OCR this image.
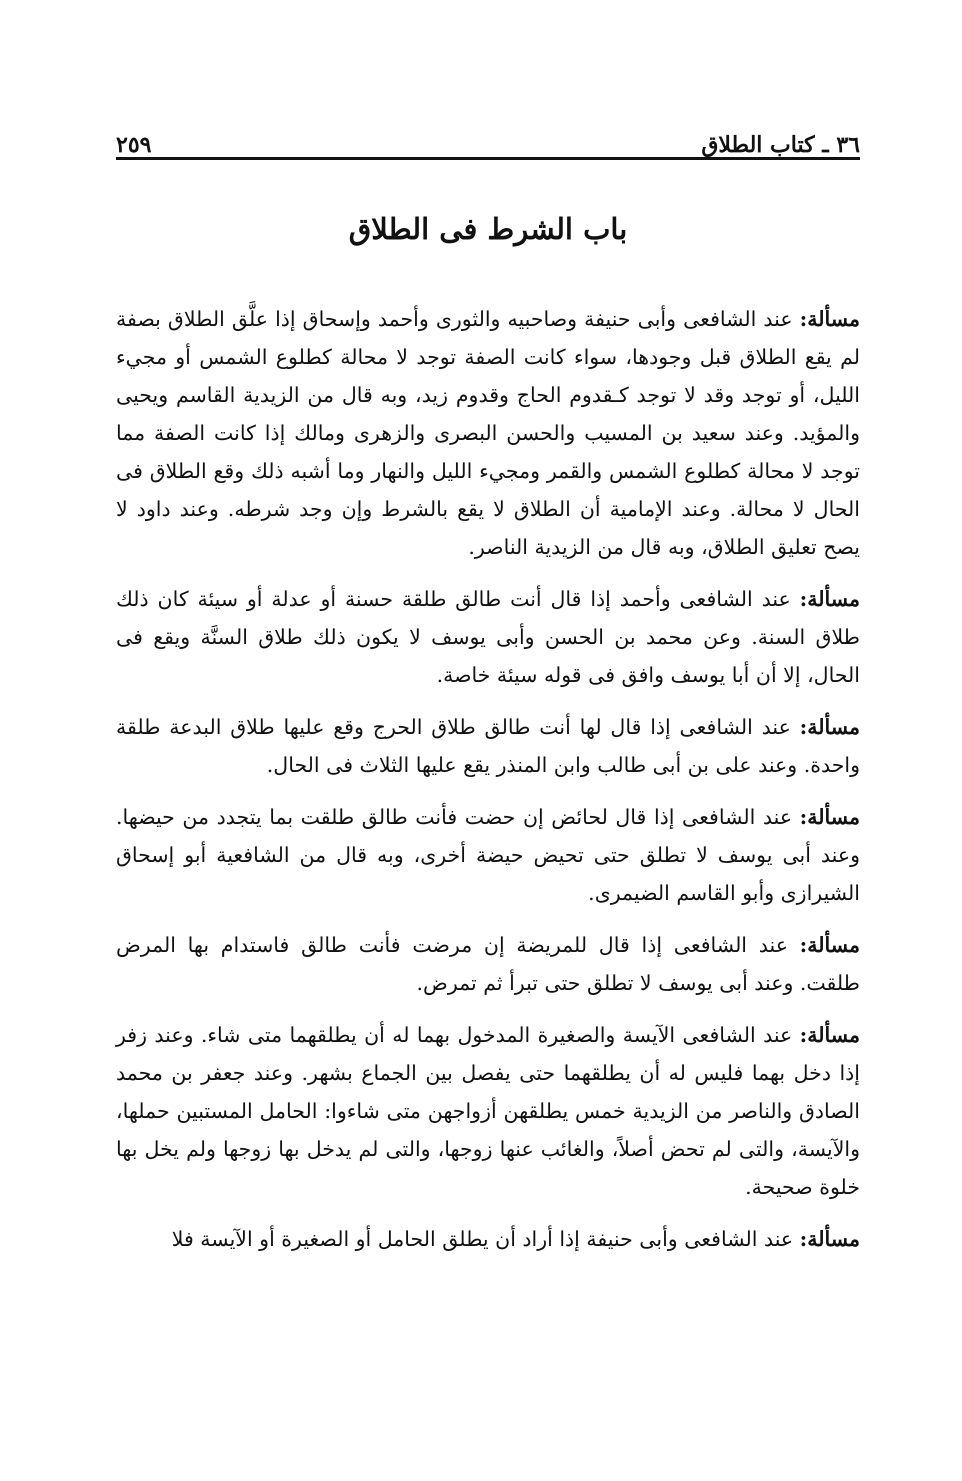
٣٦ ـ كتاب الطلاق
٢٥٩
باب الشرط فى الطلاق

مسألة: عند الشافعى وأبى حنيفة وصاحبيه والثورى وأحمد وإسحاق إذا علَّق الطلاق بصفة لم يقع الطلاق قبل وجودها، سواء كانت الصفة توجد لا محالة كطلوع الشمس أو مجيء الليل، أو توجد وقد لا توجد كـقدوم الحاج وقدوم زيد، وبه قال من الزيدية القاسم ويحيى والمؤيد. وعند سعيد بن المسيب والحسن البصرى والزهرى ومالك إذا كانت الصفة مما توجد لا محالة كطلوع الشمس والقمر ومجيء الليل والنهار وما أشبه ذلك وقع الطلاق فى الحال لا محالة. وعند الإمامية أن الطلاق لا يقع بالشرط وإن وجد شرطه. وعند داود لا يصح تعليق الطلاق، وبه قال من الزيدية الناصر.

مسألة: عند الشافعى وأحمد إذا قال أنت طالق طلقة حسنة أو عدلة أو سيئة كان ذلك طلاق السنة. وعن محمد بن الحسن وأبى يوسف لا يكون ذلك طلاق السنَّة ويقع فى الحال، إلا أن أبا يوسف وافق فى قوله سيئة خاصة.

مسألة: عند الشافعى إذا قال لها أنت طالق طلاق الحرج وقع عليها طلاق البدعة طلقة واحدة. وعند على بن أبى طالب وابن المنذر يقع عليها الثلاث فى الحال.

مسألة: عند الشافعى إذا قال لحائض إن حضت فأنت طالق طلقت بما يتجدد من حيضها. وعند أبى يوسف لا تطلق حتى تحيض حيضة أخرى، وبه قال من الشافعية أبو إسحاق الشيرازى وأبو القاسم الضيمرى.

مسألة: عند الشافعى إذا قال للمريضة إن مرضت فأنت طالق فاستدام بها المرض طلقت. وعند أبى يوسف لا تطلق حتى تبرأ ثم تمرض.

مسألة: عند الشافعى الآيسة والصغيرة المدخول بهما له أن يطلقهما متى شاء. وعند زفر إذا دخل بهما فليس له أن يطلقهما حتى يفصل بين الجماع بشهر. وعند جعفر بن محمد الصادق والناصر من الزيدية خمس يطلقهن أزواجهن متى شاءوا: الحامل المستبين حملها، والآيسة، والتى لم تحض أصلاً، والغائب عنها زوجها، والتى لم يدخل بها زوجها ولم يخل بها خلوة صحيحة.

مسألة: عند الشافعى وأبى حنيفة إذا أراد أن يطلق الحامل أو الصغيرة أو الآيسة فلا
